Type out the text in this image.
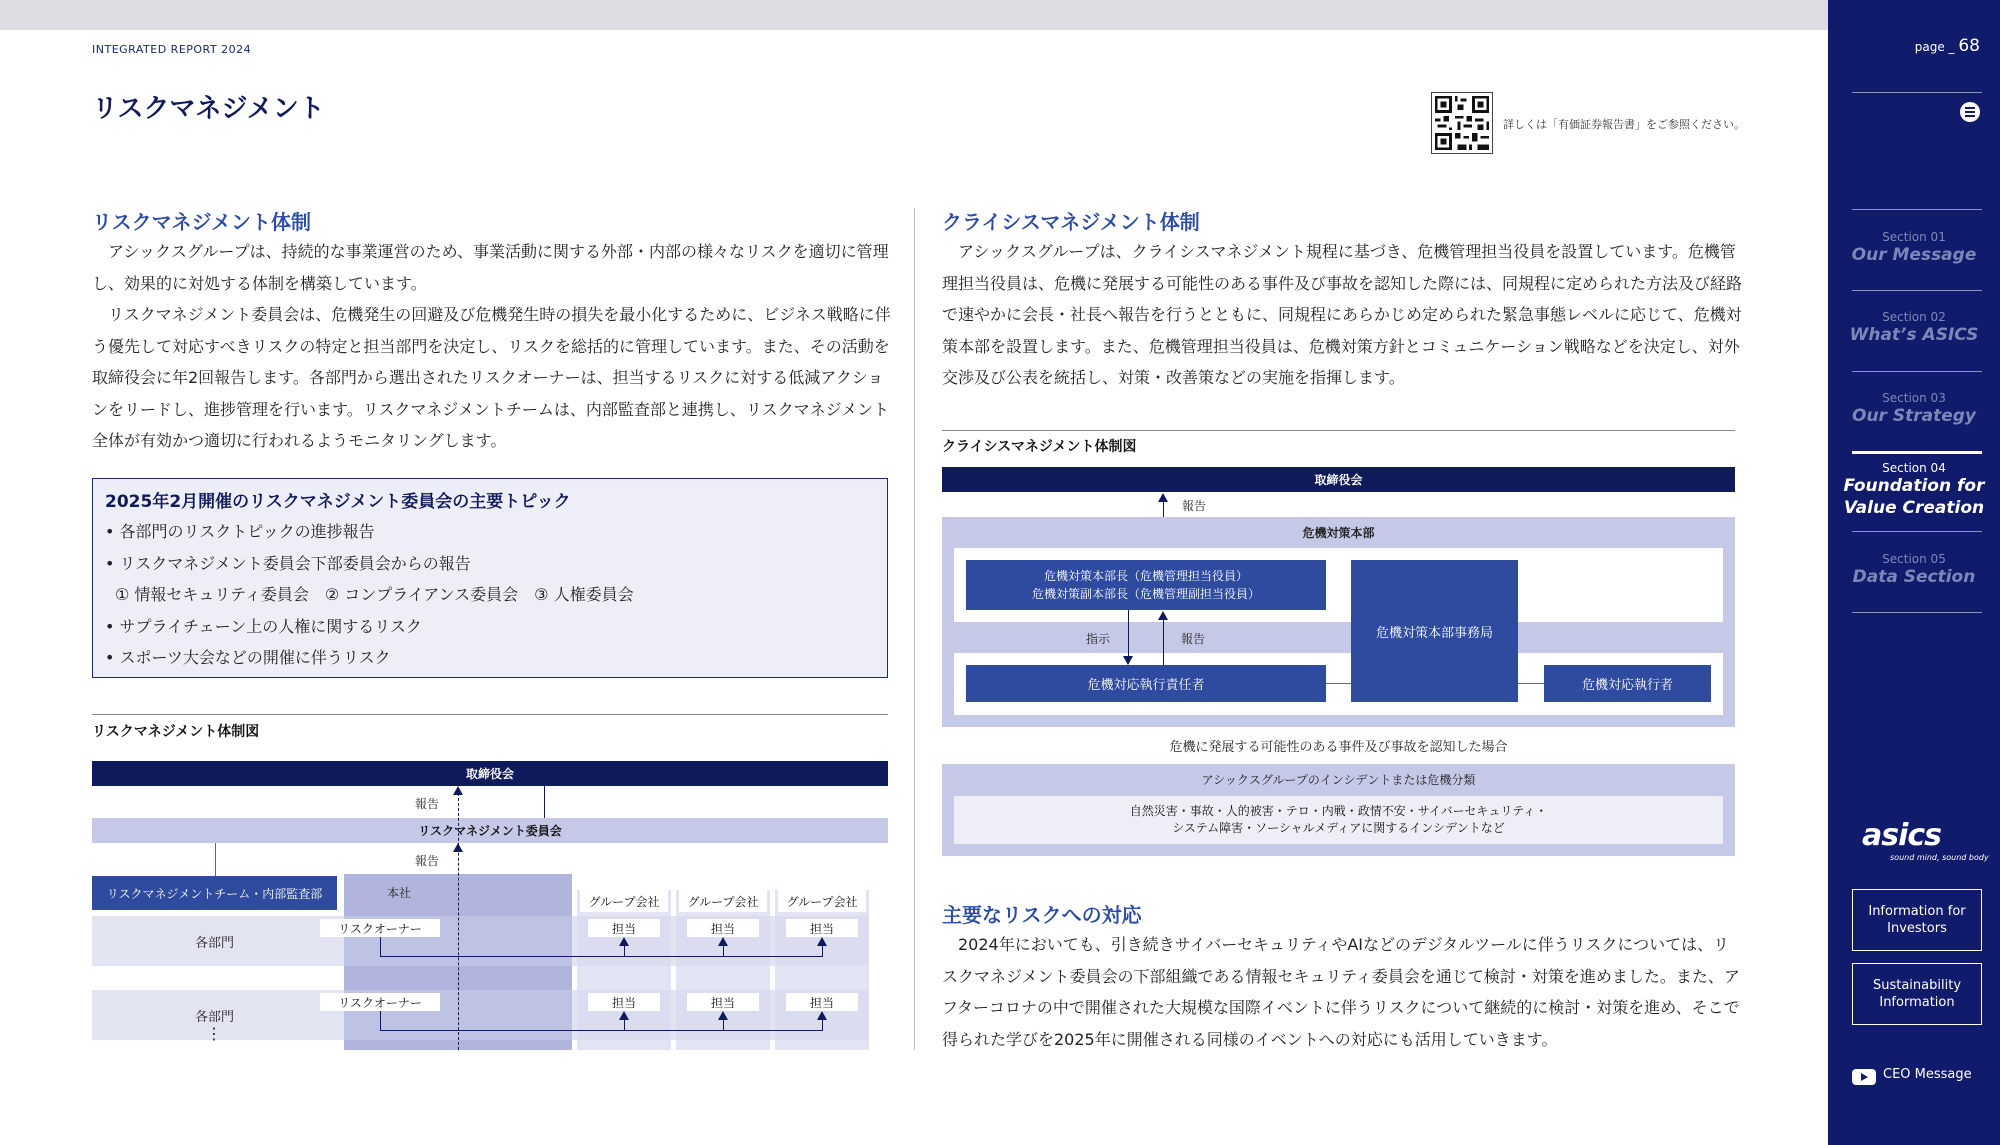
INTEGRATED REPORT 2024
リスクマネジメント
詳しくは「有価証券報告書」をご参照ください。
リスクマネジメント体制

アシックスグループは、持続的な事業運営のため、事業活動に関する外部・内部の様々なリスクを適切に管理し、効果的に対処する体制を構築しています。

リスクマネジメント委員会は、危機発生の回避及び危機発生時の損失を最小化するために、ビジネス戦略に伴う優先して対応すべきリスクの特定と担当部門を決定し、リスクを総括的に管理しています。また、その活動を取締役会に年2回報告します。各部門から選出されたリスクオーナーは、担当するリスクに対する低減アクションをリードし、進捗管理を行います。リスクマネジメントチームは、内部監査部と連携し、リスクマネジメント全体が有効かつ適切に行われるようモニタリングします。

2025年2月開催のリスクマネジメント委員会の主要トピック
• 各部門のリスクトピックの進捗報告
• リスクマネジメント委員会下部委員会からの報告
① 情報セキュリティ委員会　② コンプライアンス委員会　③ 人権委員会
• サプライチェーン上の人権に関するリスク
• スポーツ大会などの開催に伴うリスク
リスクマネジメント体制図
取締役会
リスクマネジメント委員会
リスクマネジメントチーム・内部監査部	本社
グループ会社	グループ会社	グループ会社
各部門
各部門
⋮
リスクオーナー
リスクオーナー
担当	担当	担当
担当	担当	担当
報告
報告
クライシスマネジメント体制

アシックスグループは、クライシスマネジメント規程に基づき、危機管理担当役員を設置しています。危機管理担当役員は、危機に発展する可能性のある事件及び事故を認知した際には、同規程に定められた方法及び経路で速やかに会長・社長へ報告を行うとともに、同規程にあらかじめ定められた緊急事態レベルに応じて、危機対策本部を設置します。また、危機管理担当役員は、危機対策方針とコミュニケーション戦略などを決定し、対外交渉及び公表を統括し、対策・改善策などの実施を指揮します。

クライシスマネジメント体制図
取締役会
報告
危機対策本部
危機対策本部長（危機管理担当役員）
危機対策副本部長（危機管理副担当役員）
危機対策本部事務局
危機対応執行責任者	危機対応執行者
指示	報告
危機に発展する可能性のある事件及び事故を認知した場合
アシックスグループのインシデントまたは危機分類
自然災害・事故・人的被害・テロ・内戦・政情不安・サイバーセキュリティ・
システム障害・ソーシャルメディアに関するインシデントなど
主要なリスクへの対応

2024年においても、引き続きサイバーセキュリティやAIなどのデジタルツールに伴うリスクについては、リスクマネジメント委員会の下部組織である情報セキュリティ委員会を通じて検討・対策を進めました。また、アフターコロナの中で開催された大規模な国際イベントに伴うリスクについて継続的に検討・対策を進め、そこで得られた学びを2025年に開催される同様のイベントへの対応にも活用していきます。

page _ 68
Section 01
Our Message
Section 02
What’s ASICS
Section 03
Our Strategy
Section 04
Foundation for Value Creation
Section 05
Data Section
asics
sound mind, sound body
Information for Investors
Sustainability Information
CEO Message
